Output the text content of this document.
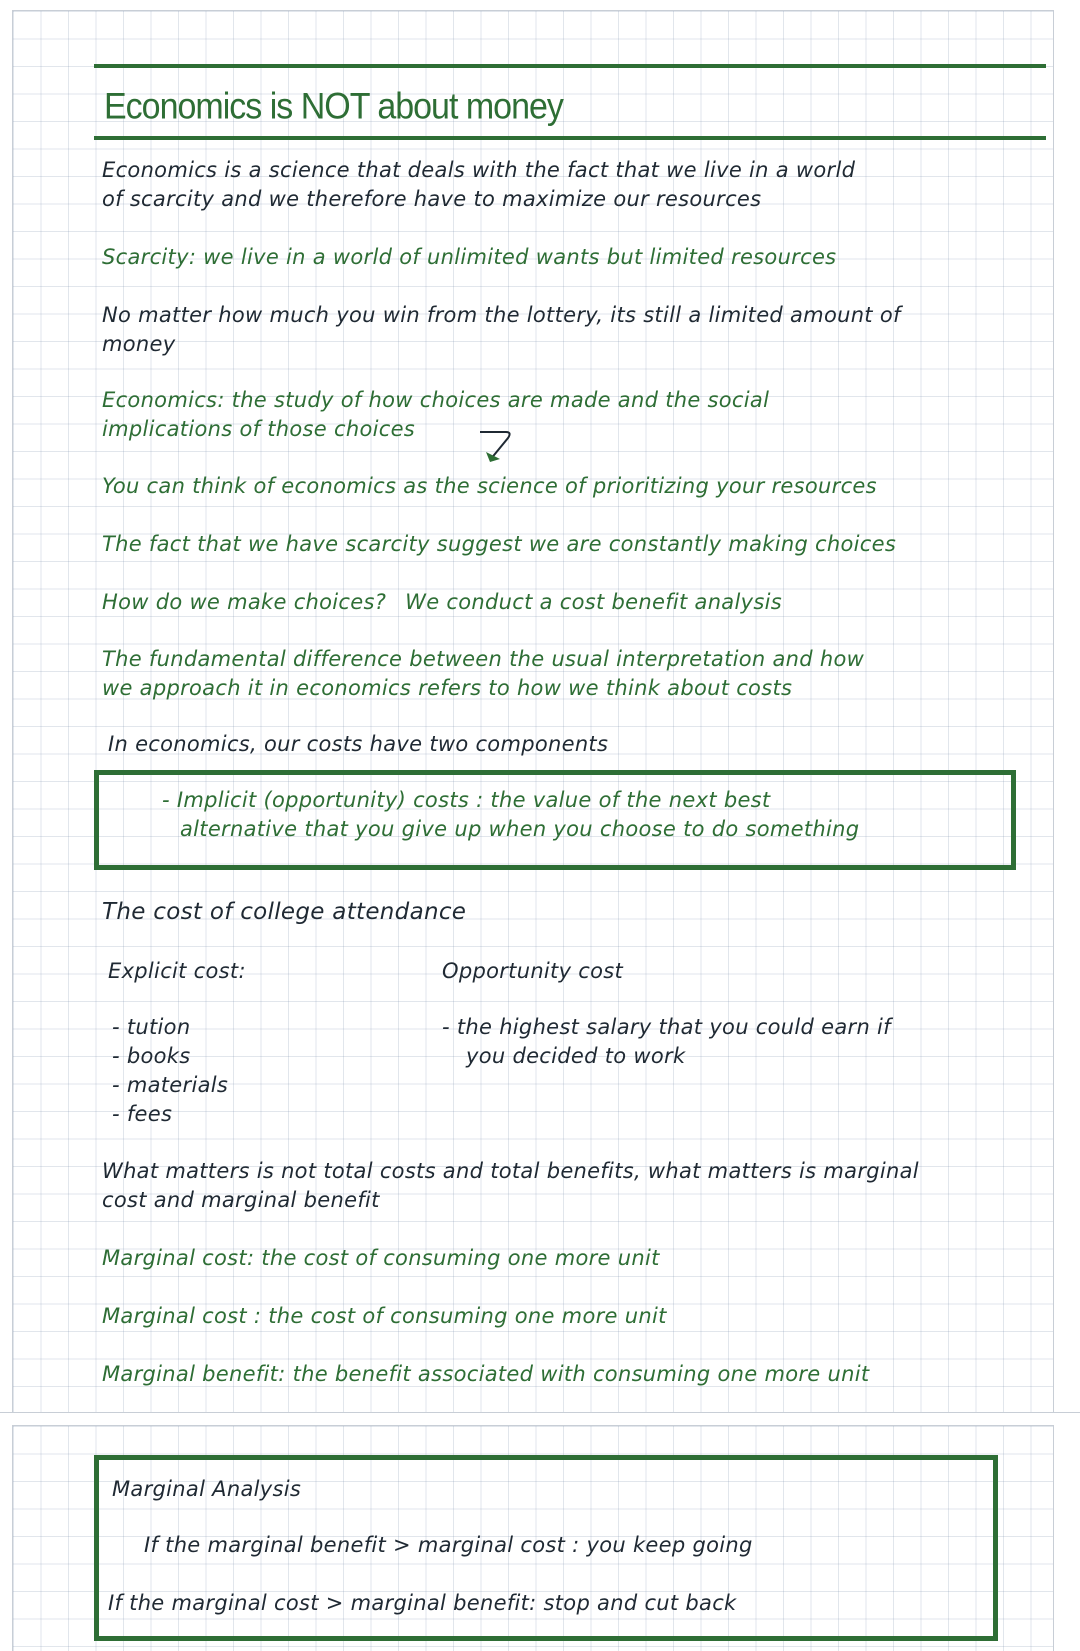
Economics is NOT about money
Economics is a science that deals with the fact that we live in a world
of scarcity and we therefore have to maximize our resources
Scarcity: we live in a world of unlimited wants but limited resources
No matter how much you win from the lottery, its still a limited amount of
money
Economics: the study of how choices are made and the social
implications of those choices
You can think of economics as the science of prioritizing your resources
The fact that we have scarcity suggest we are constantly making choices
How do we make choices? We conduct a cost benefit analysis
The fundamental difference between the usual interpretation and how
we approach it in economics refers to how we think about costs
In economics, our costs have two components
- Implicit (opportunity) costs : the value of the next best
alternative that you give up when you choose to do something
The cost of college attendance
Explicit cost:	Opportunity cost
- tution
- books
- materials
- fees
- the highest salary that you could earn if
you decided to work
What matters is not total costs and total benefits, what matters is marginal
cost and marginal benefit
Marginal cost: the cost of consuming one more unit
Marginal cost : the cost of consuming one more unit
Marginal benefit: the benefit associated with consuming one more unit
Marginal Analysis
If the marginal benefit > marginal cost : you keep going
If the marginal cost > marginal benefit: stop and cut back
